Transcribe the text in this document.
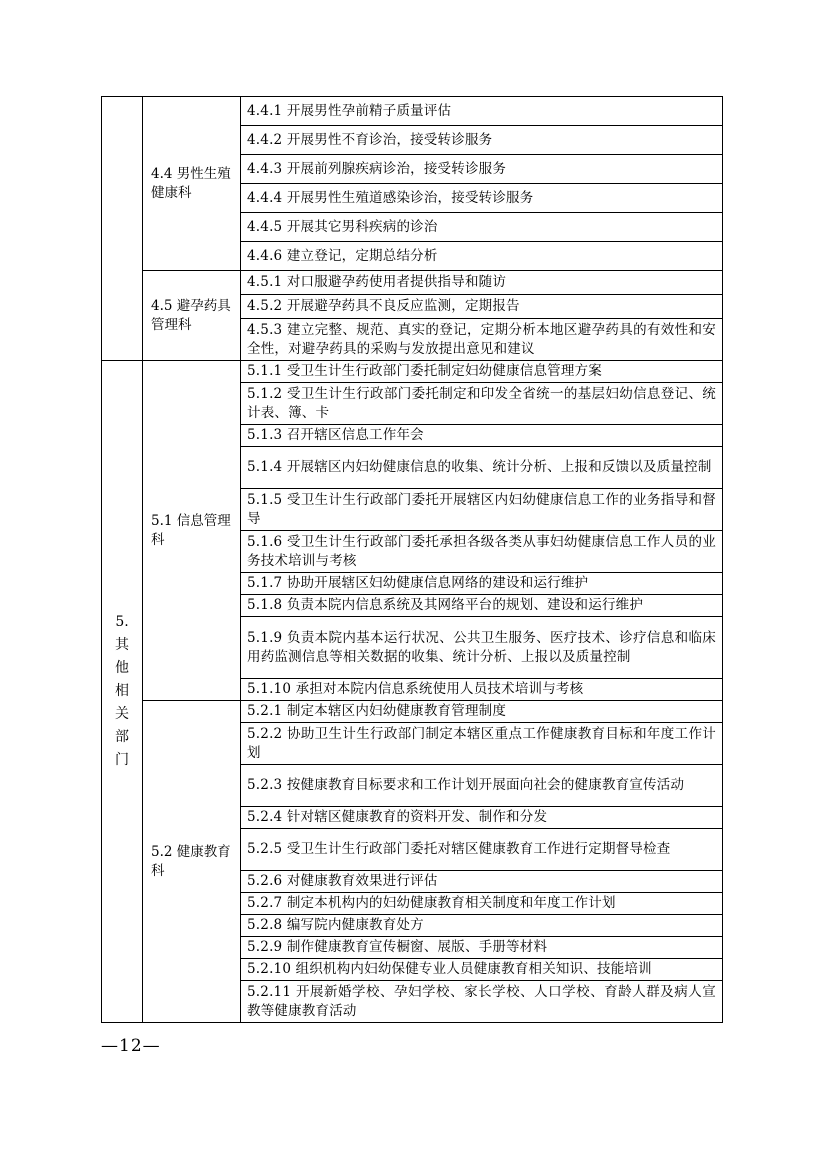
	4.4 男性生殖健康科	4.4.1 开展男性孕前精子质量评估

		4.4.2 开展男性不育诊治，接受转诊服务

		4.4.3 开展前列腺疾病诊治，接受转诊服务

		4.4.4 开展男性生殖道感染诊治，接受转诊服务

		4.4.5 开展其它男科疾病的诊治

		4.4.6 建立登记，定期总结分析

	4.5 避孕药具管理科	4.5.1 对口服避孕药使用者提供指导和随访

		4.5.2 开展避孕药具不良反应监测，定期报告

		4.5.3 建立完整、规范、真实的登记，定期分析本地区避孕药具的有效性和安全性，对避孕药具的采购与发放提出意见和建议

5. 其他相关部门	5.1 信息管理科	5.1.1 受卫生计生行政部门委托制定妇幼健康信息管理方案

		5.1.2 受卫生计生行政部门委托制定和印发全省统一的基层妇幼信息登记、统计表、簿、卡

		5.1.3 召开辖区信息工作年会

		5.1.4 开展辖区内妇幼健康信息的收集、统计分析、上报和反馈以及质量控制

		5.1.5 受卫生计生行政部门委托开展辖区内妇幼健康信息工作的业务指导和督导

		5.1.6 受卫生计生行政部门委托承担各级各类从事妇幼健康信息工作人员的业务技术培训与考核

		5.1.7 协助开展辖区妇幼健康信息网络的建设和运行维护

		5.1.8 负责本院内信息系统及其网络平台的规划、建设和运行维护

		5.1.9 负责本院内基本运行状况、公共卫生服务、医疗技术、诊疗信息和临床用药监测信息等相关数据的收集、统计分析、上报以及质量控制

		5.1.10 承担对本院内信息系统使用人员技术培训与考核

	5.2 健康教育科	5.2.1 制定本辖区内妇幼健康教育管理制度

		5.2.2 协助卫生计生行政部门制定本辖区重点工作健康教育目标和年度工作计划

		5.2.3 按健康教育目标要求和工作计划开展面向社会的健康教育宣传活动

		5.2.4 针对辖区健康教育的资料开发、制作和分发

		5.2.5 受卫生计生行政部门委托对辖区健康教育工作进行定期督导检查

		5.2.6 对健康教育效果进行评估

		5.2.7 制定本机构内的妇幼健康教育相关制度和年度工作计划

		5.2.8 编写院内健康教育处方

		5.2.9 制作健康教育宣传橱窗、展版、手册等材料

		5.2.10 组织机构内妇幼保健专业人员健康教育相关知识、技能培训

		5.2.11 开展新婚学校、孕妇学校、家长学校、人口学校、育龄人群及病人宣教等健康教育活动
—12—
